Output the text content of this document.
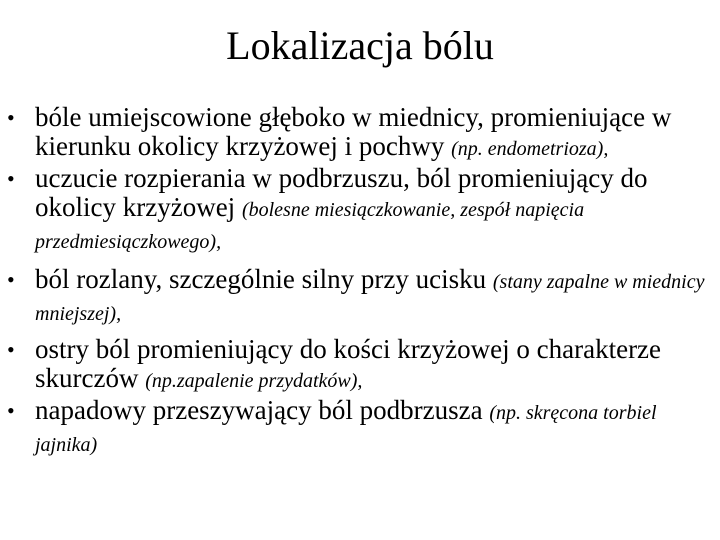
Lokalizacja bólu
• bóle umiejscowione głęboko w miednicy, promieniujące w kierunku okolicy krzyżowej i pochwy (np. endometrioza),
• uczucie rozpierania w podbrzuszu, ból promieniujący do okolicy krzyżowej (bolesne miesiączkowanie, zespół napięcia przedmiesiączkowego),
• ból rozlany, szczególnie silny przy ucisku (stany zapalne w miednicy mniejszej),
• ostry ból promieniujący do kości krzyżowej o charakterze skurczów (np.zapalenie przydatków),
• napadowy przeszywający ból podbrzusza (np. skręcona torbiel jajnika)
